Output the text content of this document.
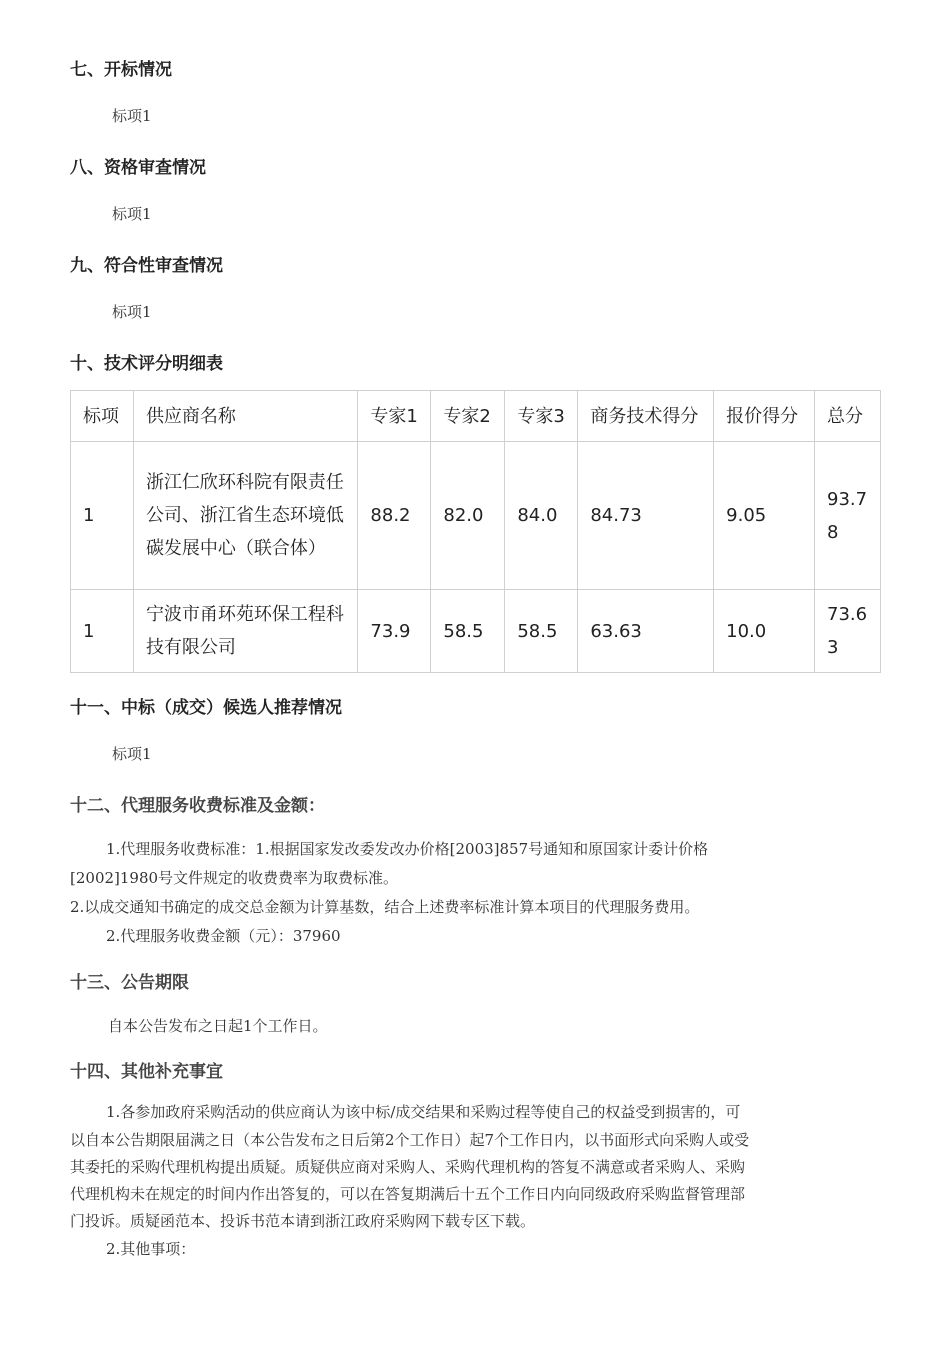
七、开标情况
标项1
八、资格审查情况
标项1
九、符合性审查情况
标项1
十、技术评分明细表
标项	供应商名称	专家1	专家2	专家3	商务技术得分	报价得分	总分
1	浙江仁欣环科院有限责任公司、浙江省生态环境低碳发展中心（联合体）	88.2	82.0	84.0	84.73	9.05	93.78
1	宁波市甬环苑环保工程科技有限公司	73.9	58.5	58.5	63.63	10.0	73.63
十一、中标（成交）候选人推荐情况
标项1
十二、代理服务收费标准及金额：
1.代理服务收费标准：1.根据国家发改委发改办价格[2003]857号通知和原国家计委计价格
[2002]1980号文件规定的收费费率为取费标准。
2.以成交通知书确定的成交总金额为计算基数，结合上述费率标准计算本项目的代理服务费用。
2.代理服务收费金额（元）：37960
十三、公告期限
自本公告发布之日起1个工作日。
十四、其他补充事宜
1.各参加政府采购活动的供应商认为该中标/成交结果和采购过程等使自己的权益受到损害的，可
以自本公告期限届满之日（本公告发布之日后第2个工作日）起7个工作日内，以书面形式向采购人或受
其委托的采购代理机构提出质疑。质疑供应商对采购人、采购代理机构的答复不满意或者采购人、采购
代理机构未在规定的时间内作出答复的，可以在答复期满后十五个工作日内向同级政府采购监督管理部
门投诉。质疑函范本、投诉书范本请到浙江政府采购网下载专区下载。
2.其他事项：
